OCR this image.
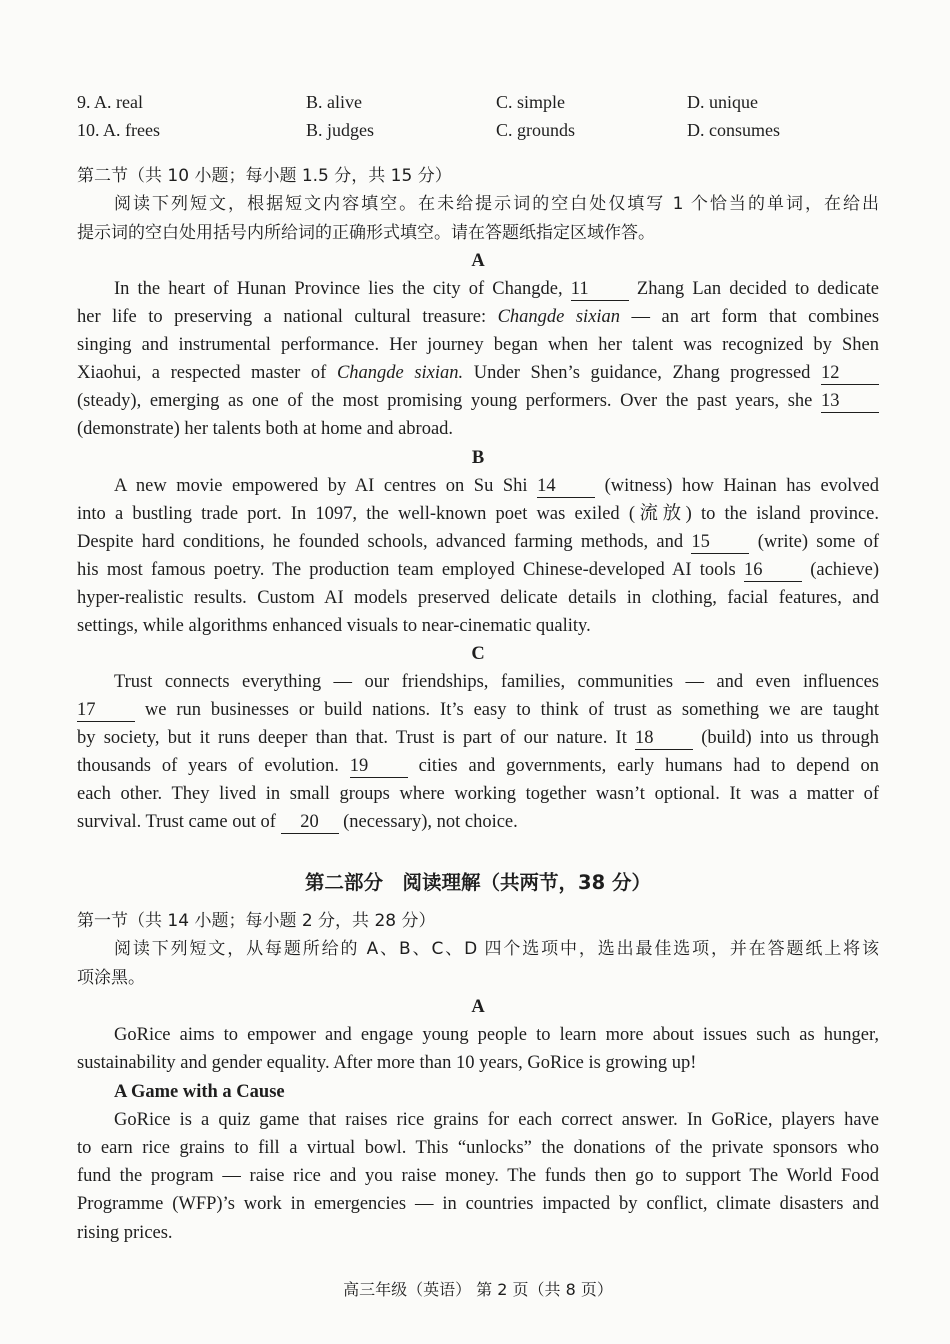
9. A. real	B. alive	C. simple	D. unique
10. A. frees	B. judges	C. grounds	D. consumes
第二节（共 10 小题；每小题 1.5 分，共 15 分）
阅读下列短文，根据短文内容填空。在未给提示词的空白处仅填写 1 个恰当的单词，在给出
提示词的空白处用括号内所给词的正确形式填空。请在答题纸指定区域作答。
A
In the heart of Hunan Province lies the city of Changde, 11	Zhang Lan decided to dedicate
her life to preserving a national cultural treasure: Changde sixian — an art form that combines
singing and instrumental performance. Her journey began when her talent was recognized by Shen
Xiaohui, a respected master of Changde sixian. Under Shen’s guidance, Zhang progressed 12
(steady), emerging as one of the most promising young performers. Over the past years, she 13
(demonstrate) her talents both at home and abroad.
B
A new movie empowered by AI centres on Su Shi 14	(witness) how Hainan has evolved
into a bustling trade port. In 1097, the well-known poet was exiled (流放) to the island province.
Despite hard conditions, he founded schools, advanced farming methods, and 15	(write) some of
his most famous poetry. The production team employed Chinese-developed AI tools 16	(achieve)
hyper-realistic results. Custom AI models preserved delicate details in clothing, facial features, and
settings, while algorithms enhanced visuals to near-cinematic quality.
C
Trust connects everything — our friendships, families, communities — and even influences
17	we run businesses or build nations. It’s easy to think of trust as something we are taught
by society, but it runs deeper than that. Trust is part of our nature. It 18	(build) into us through
thousands of years of evolution. 19	cities and governments, early humans had to depend on
each other. They lived in small groups where working together wasn’t optional. It was a matter of
survival. Trust came out of 20 (necessary), not choice.
第二部分　阅读理解（共两节，38 分）
第一节（共 14 小题；每小题 2 分，共 28 分）
阅读下列短文，从每题所给的 A、B、C、D 四个选项中，选出最佳选项，并在答题纸上将该
项涂黑。
A
GoRice aims to empower and engage young people to learn more about issues such as hunger,
sustainability and gender equality. After more than 10 years, GoRice is growing up!
A Game with a Cause
GoRice is a quiz game that raises rice grains for each correct answer. In GoRice, players have
to earn rice grains to fill a virtual bowl. This “unlocks” the donations of the private sponsors who
fund the program — raise rice and you raise money. The funds then go to support The World Food
Programme (WFP)’s work in emergencies — in countries impacted by conflict, climate disasters and
rising prices.
高三年级（英语） 第 2 页（共 8 页）
